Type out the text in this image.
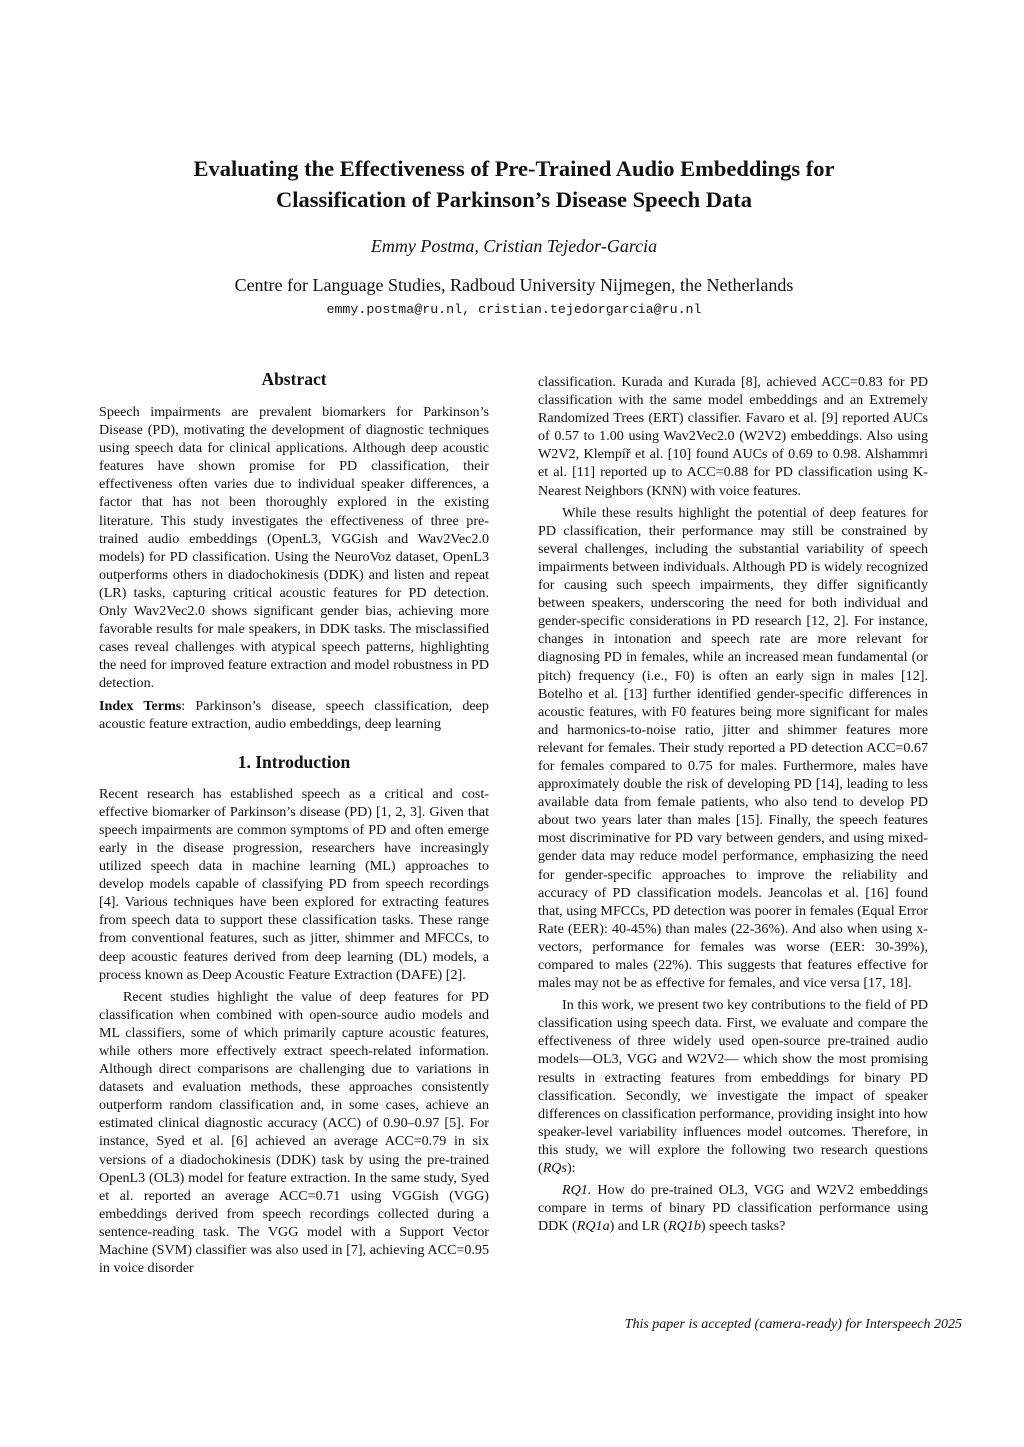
Evaluating the Effectiveness of Pre-Trained Audio Embeddings for
Classification of Parkinson’s Disease Speech Data

Emmy Postma, Cristian Tejedor-Garcia

Centre for Language Studies, Radboud University Nijmegen, the Netherlands

emmy.postma@ru.nl, cristian.tejedorgarcia@ru.nl

Abstract

Speech impairments are prevalent biomarkers for Parkinson’s Disease (PD), motivating the development of diagnostic techniques using speech data for clinical applications. Although deep acoustic features have shown promise for PD classification, their effectiveness often varies due to individual speaker differences, a factor that has not been thoroughly explored in the existing literature. This study investigates the effectiveness of three pre-trained audio embeddings (OpenL3, VGGish and Wav2Vec2.0 models) for PD classification. Using the NeuroVoz dataset, OpenL3 outperforms others in diadochokinesis (DDK) and listen and repeat (LR) tasks, capturing critical acoustic features for PD detection. Only Wav2Vec2.0 shows significant gender bias, achieving more favorable results for male speakers, in DDK tasks. The misclassified cases reveal challenges with atypical speech patterns, highlighting the need for improved feature extraction and model robustness in PD detection.

Index Terms: Parkinson’s disease, speech classification, deep acoustic feature extraction, audio embeddings, deep learning

1. Introduction

Recent research has established speech as a critical and cost-effective biomarker of Parkinson’s disease (PD) [1, 2, 3]. Given that speech impairments are common symptoms of PD and often emerge early in the disease progression, researchers have increasingly utilized speech data in machine learning (ML) approaches to develop models capable of classifying PD from speech recordings [4]. Various techniques have been explored for extracting features from speech data to support these classification tasks. These range from conventional features, such as jitter, shimmer and MFCCs, to deep acoustic features derived from deep learning (DL) models, a process known as Deep Acoustic Feature Extraction (DAFE) [2].

Recent studies highlight the value of deep features for PD classification when combined with open-source audio models and ML classifiers, some of which primarily capture acoustic features, while others more effectively extract speech-related information. Although direct comparisons are challenging due to variations in datasets and evaluation methods, these approaches consistently outperform random classification and, in some cases, achieve an estimated clinical diagnostic accuracy (ACC) of 0.90–0.97 [5]. For instance, Syed et al. [6] achieved an average ACC=0.79 in six versions of a diadochokinesis (DDK) task by using the pre-trained OpenL3 (OL3) model for feature extraction. In the same study, Syed et al. reported an average ACC=0.71 using VGGish (VGG) embeddings derived from speech recordings collected during a sentence-reading task. The VGG model with a Support Vector Machine (SVM) classifier was also used in [7], achieving ACC=0.95 in voice disorder

classification. Kurada and Kurada [8], achieved ACC=0.83 for PD classification with the same model embeddings and an Extremely Randomized Trees (ERT) classifier. Favaro et al. [9] reported AUCs of 0.57 to 1.00 using Wav2Vec2.0 (W2V2) embeddings. Also using W2V2, Klempíř et al. [10] found AUCs of 0.69 to 0.98. Alshammri et al. [11] reported up to ACC=0.88 for PD classification using K-Nearest Neighbors (KNN) with voice features.

While these results highlight the potential of deep features for PD classification, their performance may still be constrained by several challenges, including the substantial variability of speech impairments between individuals. Although PD is widely recognized for causing such speech impairments, they differ significantly between speakers, underscoring the need for both individual and gender-specific considerations in PD research [12, 2]. For instance, changes in intonation and speech rate are more relevant for diagnosing PD in females, while an increased mean fundamental (or pitch) frequency (i.e., F0) is often an early sign in males [12]. Botelho et al. [13] further identified gender-specific differences in acoustic features, with F0 features being more significant for males and harmonics-to-noise ratio, jitter and shimmer features more relevant for females. Their study reported a PD detection ACC=0.67 for females compared to 0.75 for males. Furthermore, males have approximately double the risk of developing PD [14], leading to less available data from female patients, who also tend to develop PD about two years later than males [15]. Finally, the speech features most discriminative for PD vary between genders, and using mixed-gender data may reduce model performance, emphasizing the need for gender-specific approaches to improve the reliability and accuracy of PD classification models. Jeancolas et al. [16] found that, using MFCCs, PD detection was poorer in females (Equal Error Rate (EER): 40-45%) than males (22-36%). And also when using x-vectors, performance for females was worse (EER: 30-39%), compared to males (22%). This suggests that features effective for males may not be as effective for females, and vice versa [17, 18].

In this work, we present two key contributions to the field of PD classification using speech data. First, we evaluate and compare the effectiveness of three widely used open-source pre-trained audio models—OL3, VGG and W2V2— which show the most promising results in extracting features from embeddings for binary PD classification. Secondly, we investigate the impact of speaker differences on classification performance, providing insight into how speaker-level variability influences model outcomes. Therefore, in this study, we will explore the following two research questions (RQs):

RQ1. How do pre-trained OL3, VGG and W2V2 embeddings compare in terms of binary PD classification performance using DDK (RQ1a) and LR (RQ1b) speech tasks?

This paper is accepted (camera-ready) for Interspeech 2025
